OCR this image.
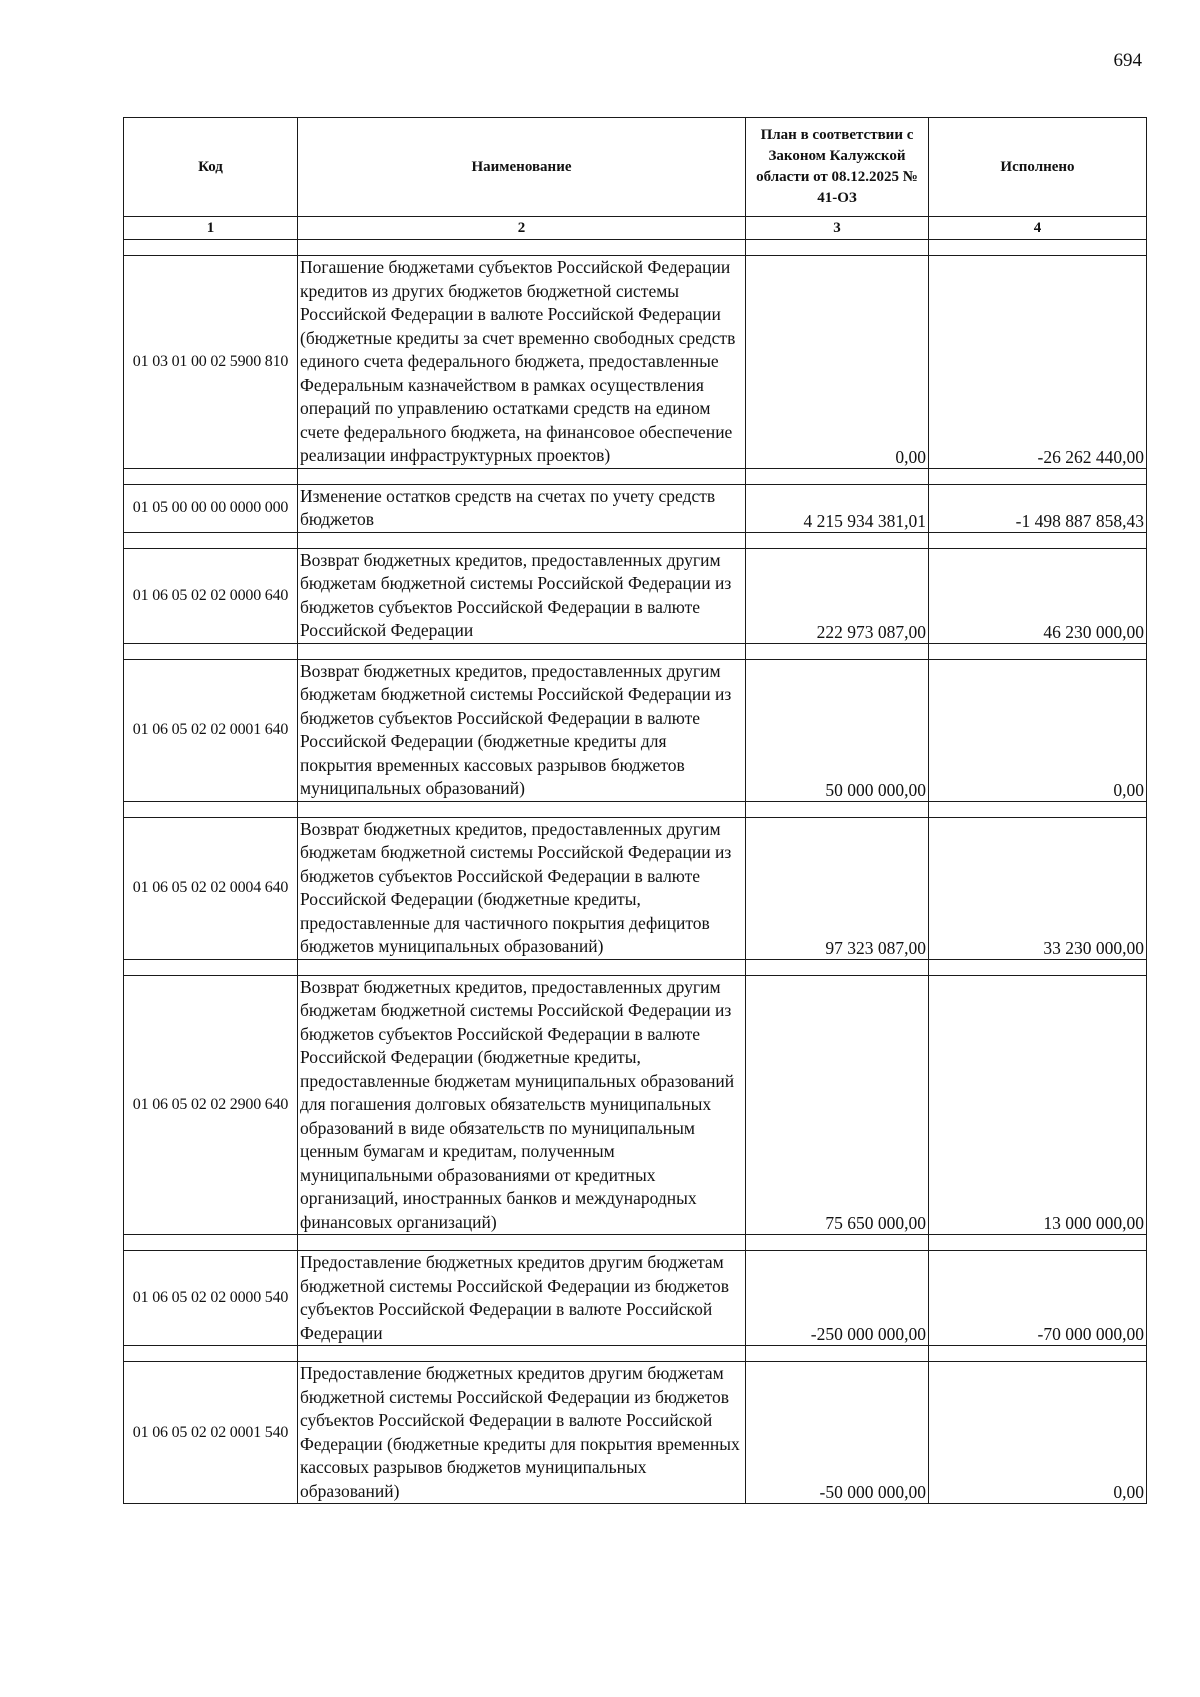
694
Код	Наименование	План в соответствии с Законом Калужской области от 08.12.2025 № 41-ОЗ	Исполнено
1	2	3	4

01 03 01 00 02 5900 810	Погашение бюджетами субъектов Российской Федерации кредитов из других бюджетов бюджетной системы Российской Федерации в валюте Российской Федерации (бюджетные кредиты за счет временно свободных средств единого счета федерального бюджета, предоставленные Федеральным казначейством в рамках осуществления операций по управлению остатками средств на едином счете федерального бюджета, на финансовое обеспечение реализации инфраструктурных проектов)	0,00	-26 262 440,00

01 05 00 00 00 0000 000	Изменение остатков средств на счетах по учету средств бюджетов	4 215 934 381,01	-1 498 887 858,43

01 06 05 02 02 0000 640	Возврат бюджетных кредитов, предоставленных другим бюджетам бюджетной системы Российской Федерации из бюджетов субъектов Российской Федерации в валюте Российской Федерации	222 973 087,00	46 230 000,00

01 06 05 02 02 0001 640	Возврат бюджетных кредитов, предоставленных другим бюджетам бюджетной системы Российской Федерации из бюджетов субъектов Российской Федерации в валюте Российской Федерации (бюджетные кредиты для покрытия временных кассовых разрывов бюджетов муниципальных образований)	50 000 000,00	0,00

01 06 05 02 02 0004 640	Возврат бюджетных кредитов, предоставленных другим бюджетам бюджетной системы Российской Федерации из бюджетов субъектов Российской Федерации в валюте Российской Федерации (бюджетные кредиты, предоставленные для частичного покрытия дефицитов бюджетов муниципальных образований)	97 323 087,00	33 230 000,00

01 06 05 02 02 2900 640	Возврат бюджетных кредитов, предоставленных другим бюджетам бюджетной системы Российской Федерации из бюджетов субъектов Российской Федерации в валюте Российской Федерации (бюджетные кредиты, предоставленные бюджетам муниципальных образований для погашения долговых обязательств муниципальных образований в виде обязательств по муниципальным ценным бумагам и кредитам, полученным муниципальными образованиями от кредитных организаций, иностранных банков и международных финансовых организаций)	75 650 000,00	13 000 000,00

01 06 05 02 02 0000 540	Предоставление бюджетных кредитов другим бюджетам бюджетной системы Российской Федерации из бюджетов субъектов Российской Федерации в валюте Российской Федерации	-250 000 000,00	-70 000 000,00

01 06 05 02 02 0001 540	Предоставление бюджетных кредитов другим бюджетам бюджетной системы Российской Федерации из бюджетов субъектов Российской Федерации в валюте Российской Федерации (бюджетные кредиты для покрытия временных кассовых разрывов бюджетов муниципальных образований)	-50 000 000,00	0,00
